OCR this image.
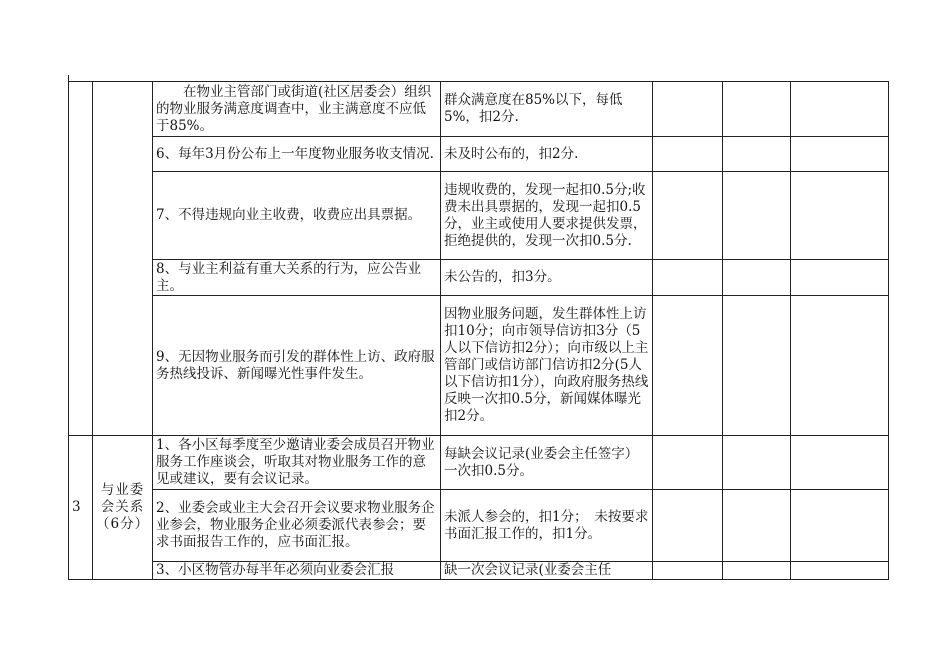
		在物业主管部门或街道(社区居委会）组织的物业服务满意度调查中，业主满意度不应低于85%。	群众满意度在85%以下，每低5%，扣2分.			
		6、每年3月份公布上一年度物业服务收支情况.	未及时公布的，扣2分.			
		7、不得违规向业主收费，收费应出具票据。	违规收费的，发现一起扣0.5分;收费未出具票据的，发现一起扣0.5分，业主或使用人要求提供发票，拒绝提供的，发现一次扣0.5分.			
		8、与业主利益有重大关系的行为，应公告业主。	未公告的，扣3分。			
		9、无因物业服务而引发的群体性上访、政府服务热线投诉、新闻曝光性事件发生。	因物业服务问题，发生群体性上访扣10分；向市领导信访扣3分（5人以下信访扣2分）；向市级以上主管部门或信访部门信访扣2分(5人以下信访扣1分），向政府服务热线反映一次扣0.5分，新闻媒体曝光扣2分。			
3	与业委会关系（6分）	1、各小区每季度至少邀请业委会成员召开物业服务工作座谈会，听取其对物业服务工作的意见或建议，要有会议记录。	每缺会议记录(业委会主任签字）一次扣0.5分。			
		2、业委会或业主大会召开会议要求物业服务企业参会，物业服务企业必须委派代表参会；要求书面报告工作的，应书面汇报。	未派人参会的，扣1分；　未按要求书面汇报工作的，扣1分。			
		3、小区物管办每半年必须向业委会汇报	缺一次会议记录(业委会主任			
